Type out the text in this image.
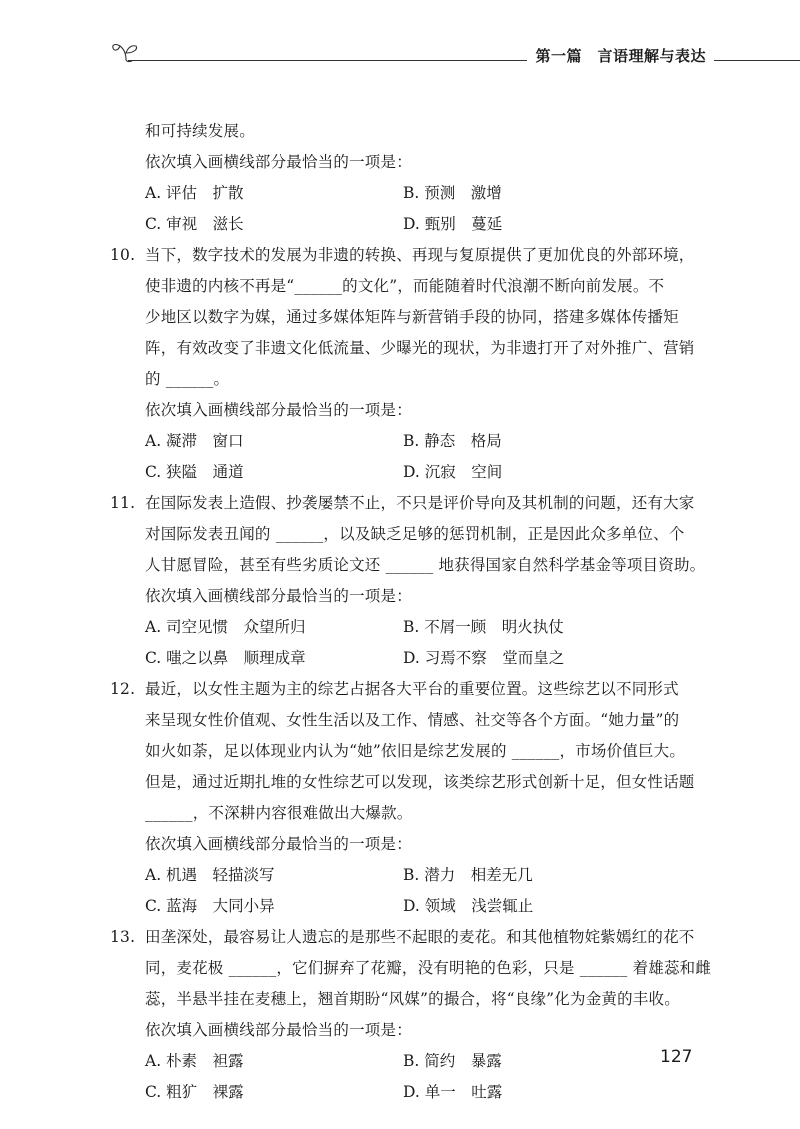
第一篇　言语理解与表达
和可持续发展。
依次填入画横线部分最恰当的一项是：
A. 评估　扩散	B. 预测　激增
C. 审视　滋长	D. 甄别　蔓延
10. 当下，数字技术的发展为非遗的转换、再现与复原提供了更加优良的外部环境，
使非遗的内核不再是“______的文化”，而能随着时代浪潮不断向前发展。不
少地区以数字为媒，通过多媒体矩阵与新营销手段的协同，搭建多媒体传播矩
阵，有效改变了非遗文化低流量、少曝光的现状，为非遗打开了对外推广、营销
的 ______。
依次填入画横线部分最恰当的一项是：
A. 凝滞　窗口	B. 静态　格局
C. 狭隘　通道	D. 沉寂　空间
11. 在国际发表上造假、抄袭屡禁不止，不只是评价导向及其机制的问题，还有大家
对国际发表丑闻的 ______，以及缺乏足够的惩罚机制，正是因此众多单位、个
人甘愿冒险，甚至有些劣质论文还 ______ 地获得国家自然科学基金等项目资助。
依次填入画横线部分最恰当的一项是：
A. 司空见惯　众望所归	B. 不屑一顾　明火执仗
C. 嗤之以鼻　顺理成章	D. 习焉不察　堂而皇之
12. 最近，以女性主题为主的综艺占据各大平台的重要位置。这些综艺以不同形式
来呈现女性价值观、女性生活以及工作、情感、社交等各个方面。“她力量”的
如火如荼，足以体现业内认为“她”依旧是综艺发展的 ______，市场价值巨大。
但是，通过近期扎堆的女性综艺可以发现，该类综艺形式创新十足，但女性话题
______，不深耕内容很难做出大爆款。
依次填入画横线部分最恰当的一项是：
A. 机遇　轻描淡写	B. 潜力　相差无几
C. 蓝海　大同小异	D. 领域　浅尝辄止
13. 田垄深处，最容易让人遗忘的是那些不起眼的麦花。和其他植物姹紫嫣红的花不
同，麦花极 ______，它们摒弃了花瓣，没有明艳的色彩，只是 ______ 着雄蕊和雌
蕊，半悬半挂在麦穗上，翘首期盼“风媒”的撮合，将“良缘”化为金黄的丰收。
依次填入画横线部分最恰当的一项是：
A. 朴素　袒露	B. 简约　暴露
C. 粗犷　裸露	D. 单一　吐露
127
